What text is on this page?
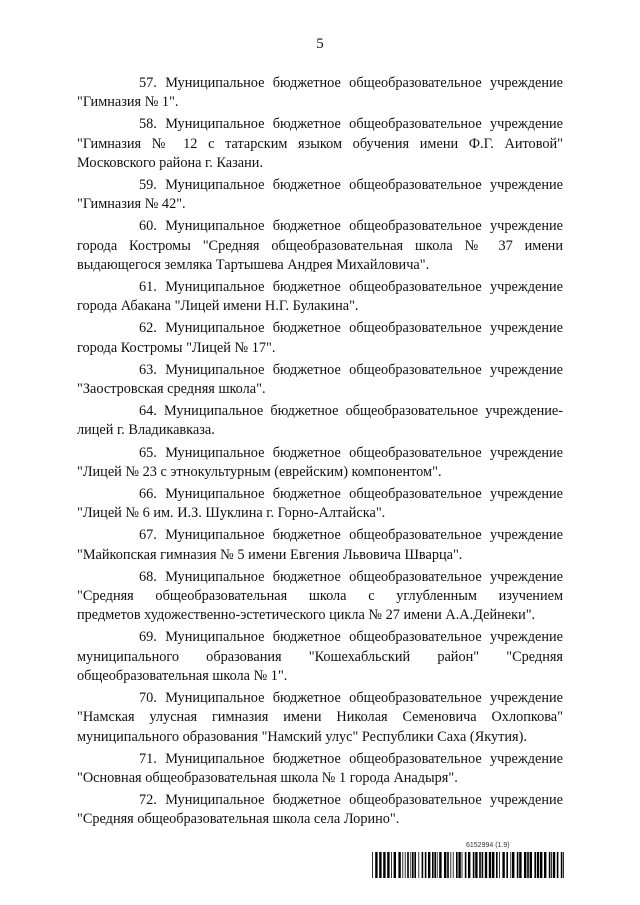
5
57. Муниципальное бюджетное общеобразовательное учреждение
"Гимназия № 1".
58. Муниципальное бюджетное общеобразовательное учреждение
"Гимназия № 12 с татарским языком обучения имени Ф.Г. Аитовой"
Московского района г. Казани.
59. Муниципальное бюджетное общеобразовательное учреждение
"Гимназия № 42".
60. Муниципальное бюджетное общеобразовательное учреждение
города Костромы "Средняя общеобразовательная школа № 37 имени
выдающегося земляка Тартышева Андрея Михайловича".
61. Муниципальное бюджетное общеобразовательное учреждение
города Абакана "Лицей имени Н.Г. Булакина".
62. Муниципальное бюджетное общеобразовательное учреждение
города Костромы "Лицей № 17".
63. Муниципальное бюджетное общеобразовательное учреждение
"Заостровская средняя школа".
64. Муниципальное бюджетное общеобразовательное учреждение-
лицей г. Владикавказа.
65. Муниципальное бюджетное общеобразовательное учреждение
"Лицей № 23 с этнокультурным (еврейским) компонентом".
66. Муниципальное бюджетное общеобразовательное учреждение
"Лицей № 6 им. И.З. Шуклина г. Горно-Алтайска".
67. Муниципальное бюджетное общеобразовательное учреждение
"Майкопская гимназия № 5 имени Евгения Львовича Шварца".
68. Муниципальное бюджетное общеобразовательное учреждение
"Средняя общеобразовательная школа с углубленным изучением
предметов художественно-эстетического цикла № 27 имени А.А.Дейнеки".
69. Муниципальное бюджетное общеобразовательное учреждение
муниципального образования "Кошехабльский район" "Средняя
общеобразовательная школа № 1".
70. Муниципальное бюджетное общеобразовательное учреждение
"Намская улусная гимназия имени Николая Семеновича Охлопкова"
муниципального образования "Намский улус" Республики Саха (Якутия).
71. Муниципальное бюджетное общеобразовательное учреждение
"Основная общеобразовательная школа № 1 города Анадыря".
72. Муниципальное бюджетное общеобразовательное учреждение
"Средняя общеобразовательная школа села Лорино".
6152994 (1.9)
